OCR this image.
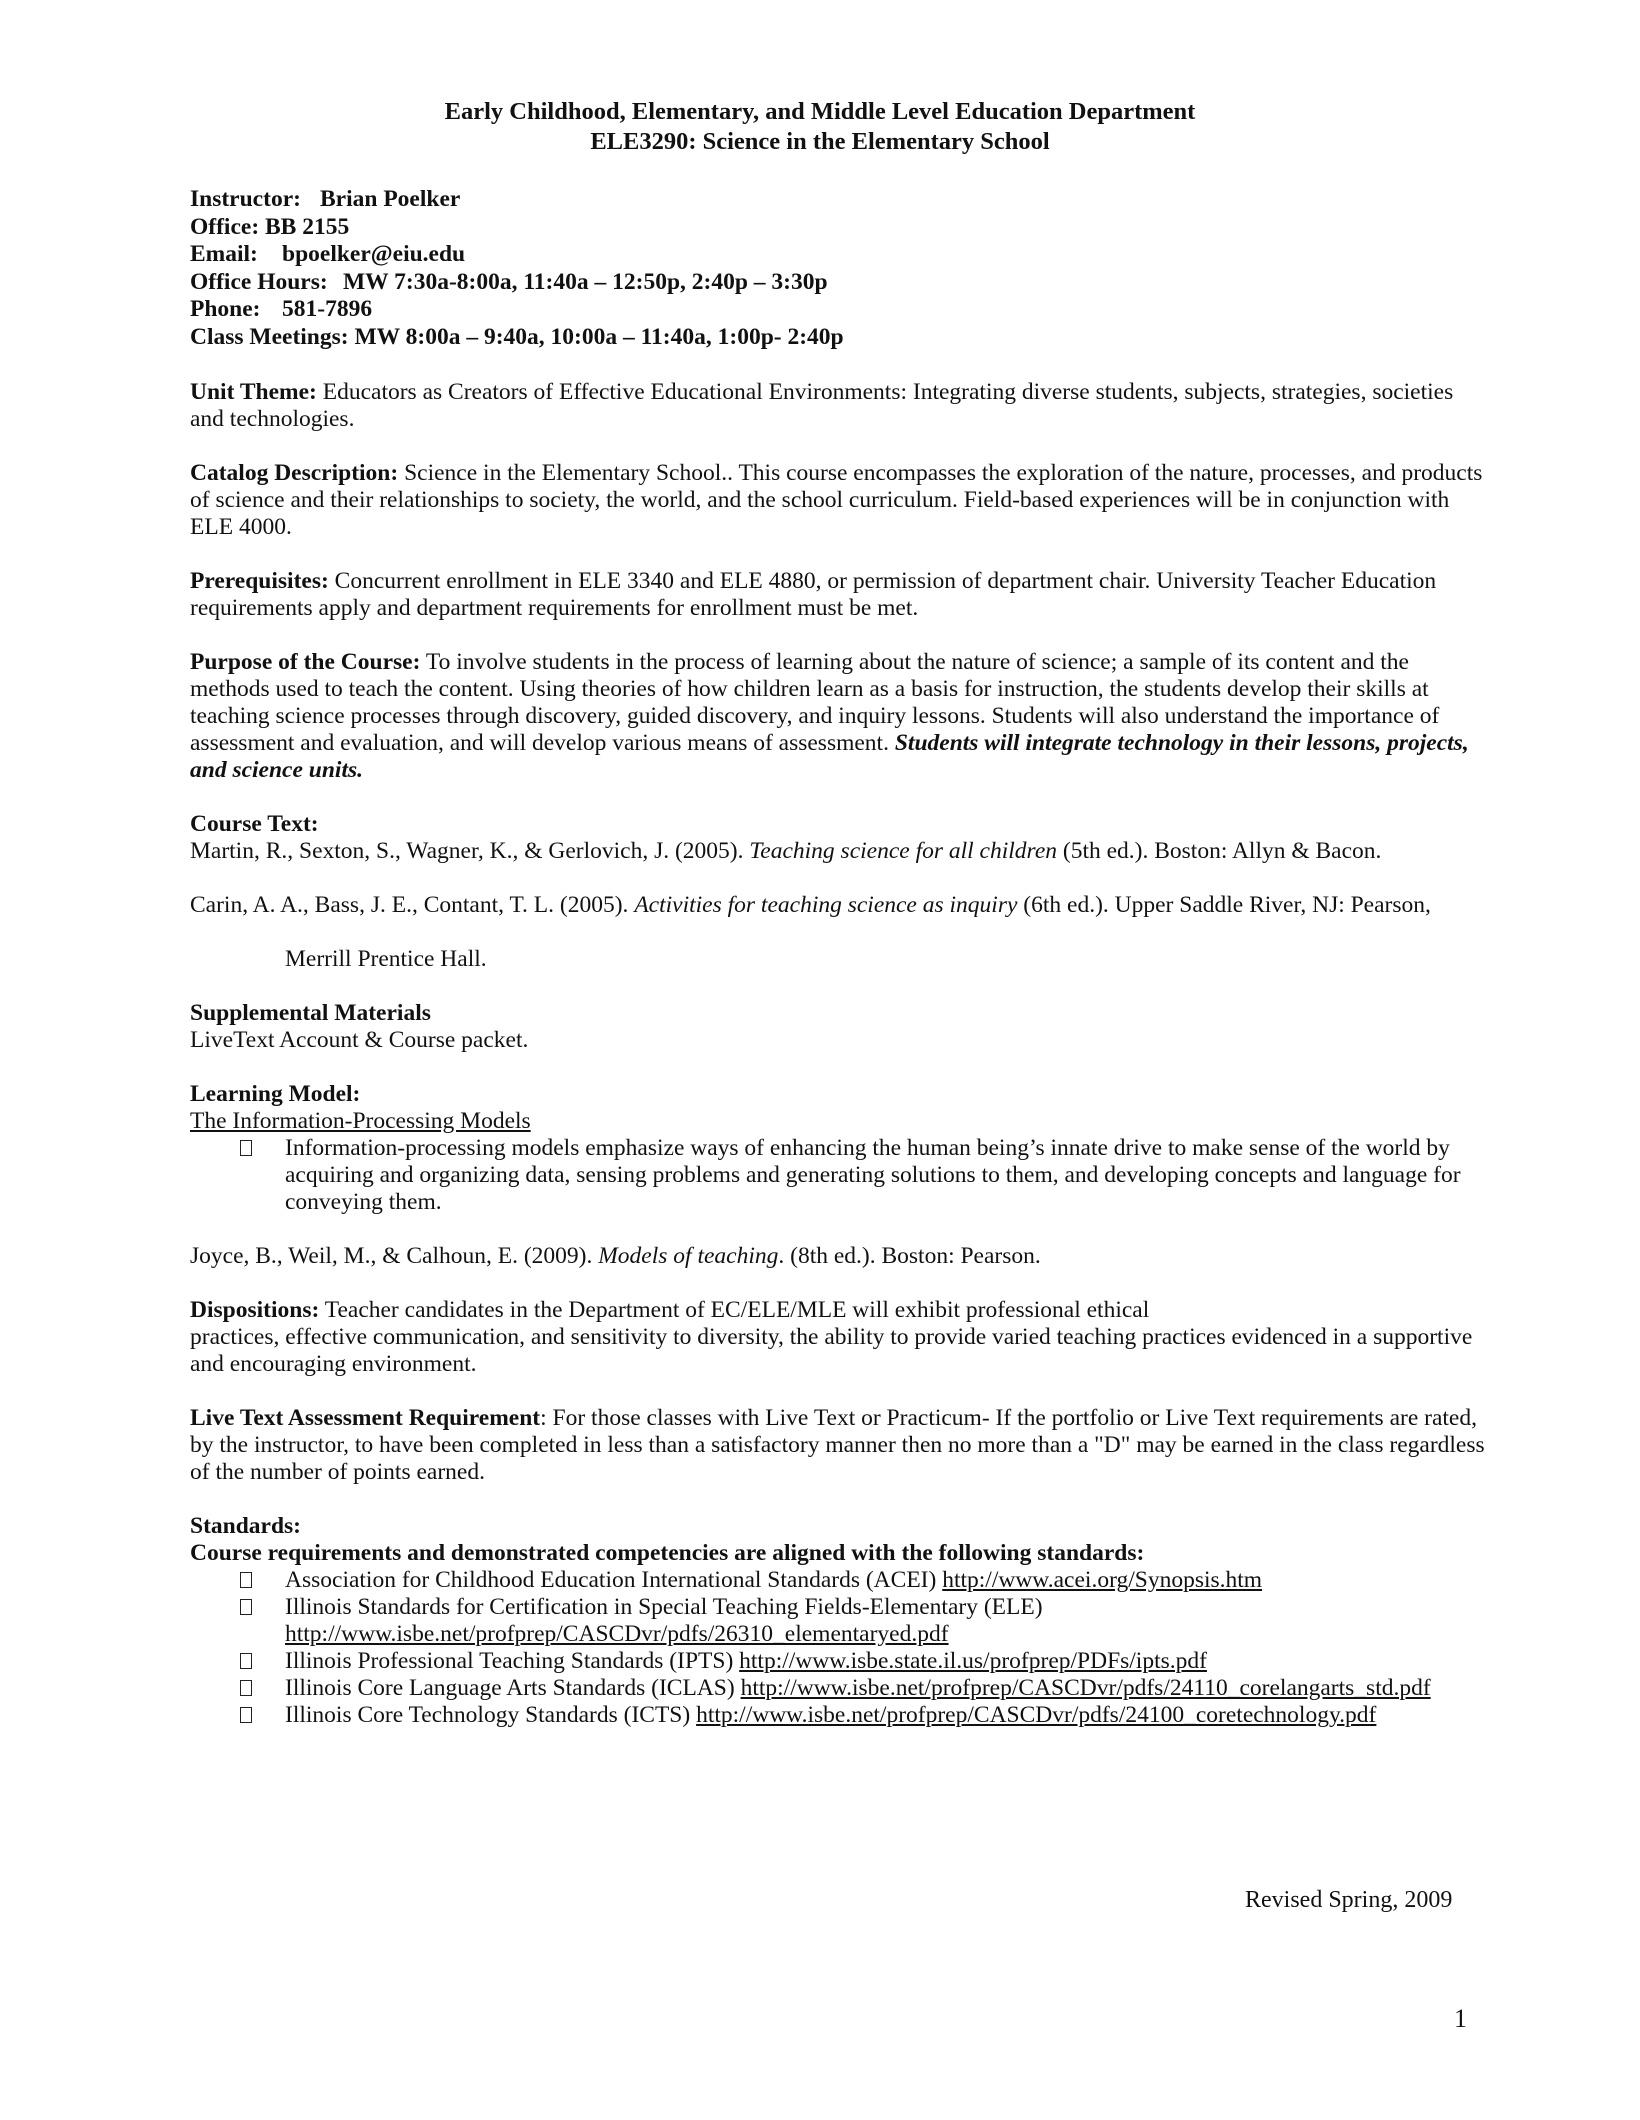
Early Childhood, Elementary, and Middle Level Education Department
ELE3290: Science in the Elementary School
Instructor: Brian Poelker
Office: BB 2155
Email: bpoelker@eiu.edu
Office Hours: MW 7:30a-8:00a, 11:40a – 12:50p, 2:40p – 3:30p
Phone: 581-7896
Class Meetings: MW 8:00a – 9:40a, 10:00a – 11:40a, 1:00p- 2:40p

Unit Theme: Educators as Creators of Effective Educational Environments: Integrating diverse students, subjects, strategies, societies and technologies.

Catalog Description: Science in the Elementary School.. This course encompasses the exploration of the nature, processes, and products of science and their relationships to society, the world, and the school curriculum. Field-based experiences will be in conjunction with ELE 4000.

Prerequisites: Concurrent enrollment in ELE 3340 and ELE 4880, or permission of department chair. University Teacher Education requirements apply and department requirements for enrollment must be met.

Purpose of the Course: To involve students in the process of learning about the nature of science; a sample of its content and the methods used to teach the content. Using theories of how children learn as a basis for instruction, the students develop their skills at teaching science processes through discovery, guided discovery, and inquiry lessons. Students will also understand the importance of assessment and evaluation, and will develop various means of assessment. Students will integrate technology in their lessons, projects, and science units.

Course Text:

Martin, R., Sexton, S., Wagner, K., & Gerlovich, J. (2005). Teaching science for all children (5th ed.). Boston: Allyn & Bacon.

Carin, A. A., Bass, J. E., Contant, T. L. (2005). Activities for teaching science as inquiry (6th ed.). Upper Saddle River, NJ: Pearson,

Merrill Prentice Hall.

Supplemental Materials
LiveText Account & Course packet.
Learning Model:
The Information-Processing Models
Information-processing models emphasize ways of enhancing the human being’s innate drive to make sense of the world by acquiring and organizing data, sensing problems and generating solutions to them, and developing concepts and language for conveying them.

Joyce, B., Weil, M., & Calhoun, E. (2009). Models of teaching. (8th ed.). Boston: Pearson.

Dispositions: Teacher candidates in the Department of EC/ELE/MLE will exhibit professional ethical
practices, effective communication, and sensitivity to diversity, the ability to provide varied teaching practices evidenced in a supportive and encouraging environment.

Live Text Assessment Requirement: For those classes with Live Text or Practicum- If the portfolio or Live Text requirements are rated, by the instructor, to have been completed in less than a satisfactory manner then no more than a "D" may be earned in the class regardless of the number of points earned.

Standards:
Course requirements and demonstrated competencies are aligned with the following standards:
Association for Childhood Education International Standards (ACEI) http://www.acei.org/Synopsis.htm
Illinois Standards for Certification in Special Teaching Fields-Elementary (ELE)
http://www.isbe.net/profprep/CASCDvr/pdfs/26310_elementaryed.pdf
Illinois Professional Teaching Standards (IPTS) http://www.isbe.state.il.us/profprep/PDFs/ipts.pdf
Illinois Core Language Arts Standards (ICLAS) http://www.isbe.net/profprep/CASCDvr/pdfs/24110_corelangarts_std.pdf
Illinois Core Technology Standards (ICTS) http://www.isbe.net/profprep/CASCDvr/pdfs/24100_coretechnology.pdf
Revised Spring, 2009
1
